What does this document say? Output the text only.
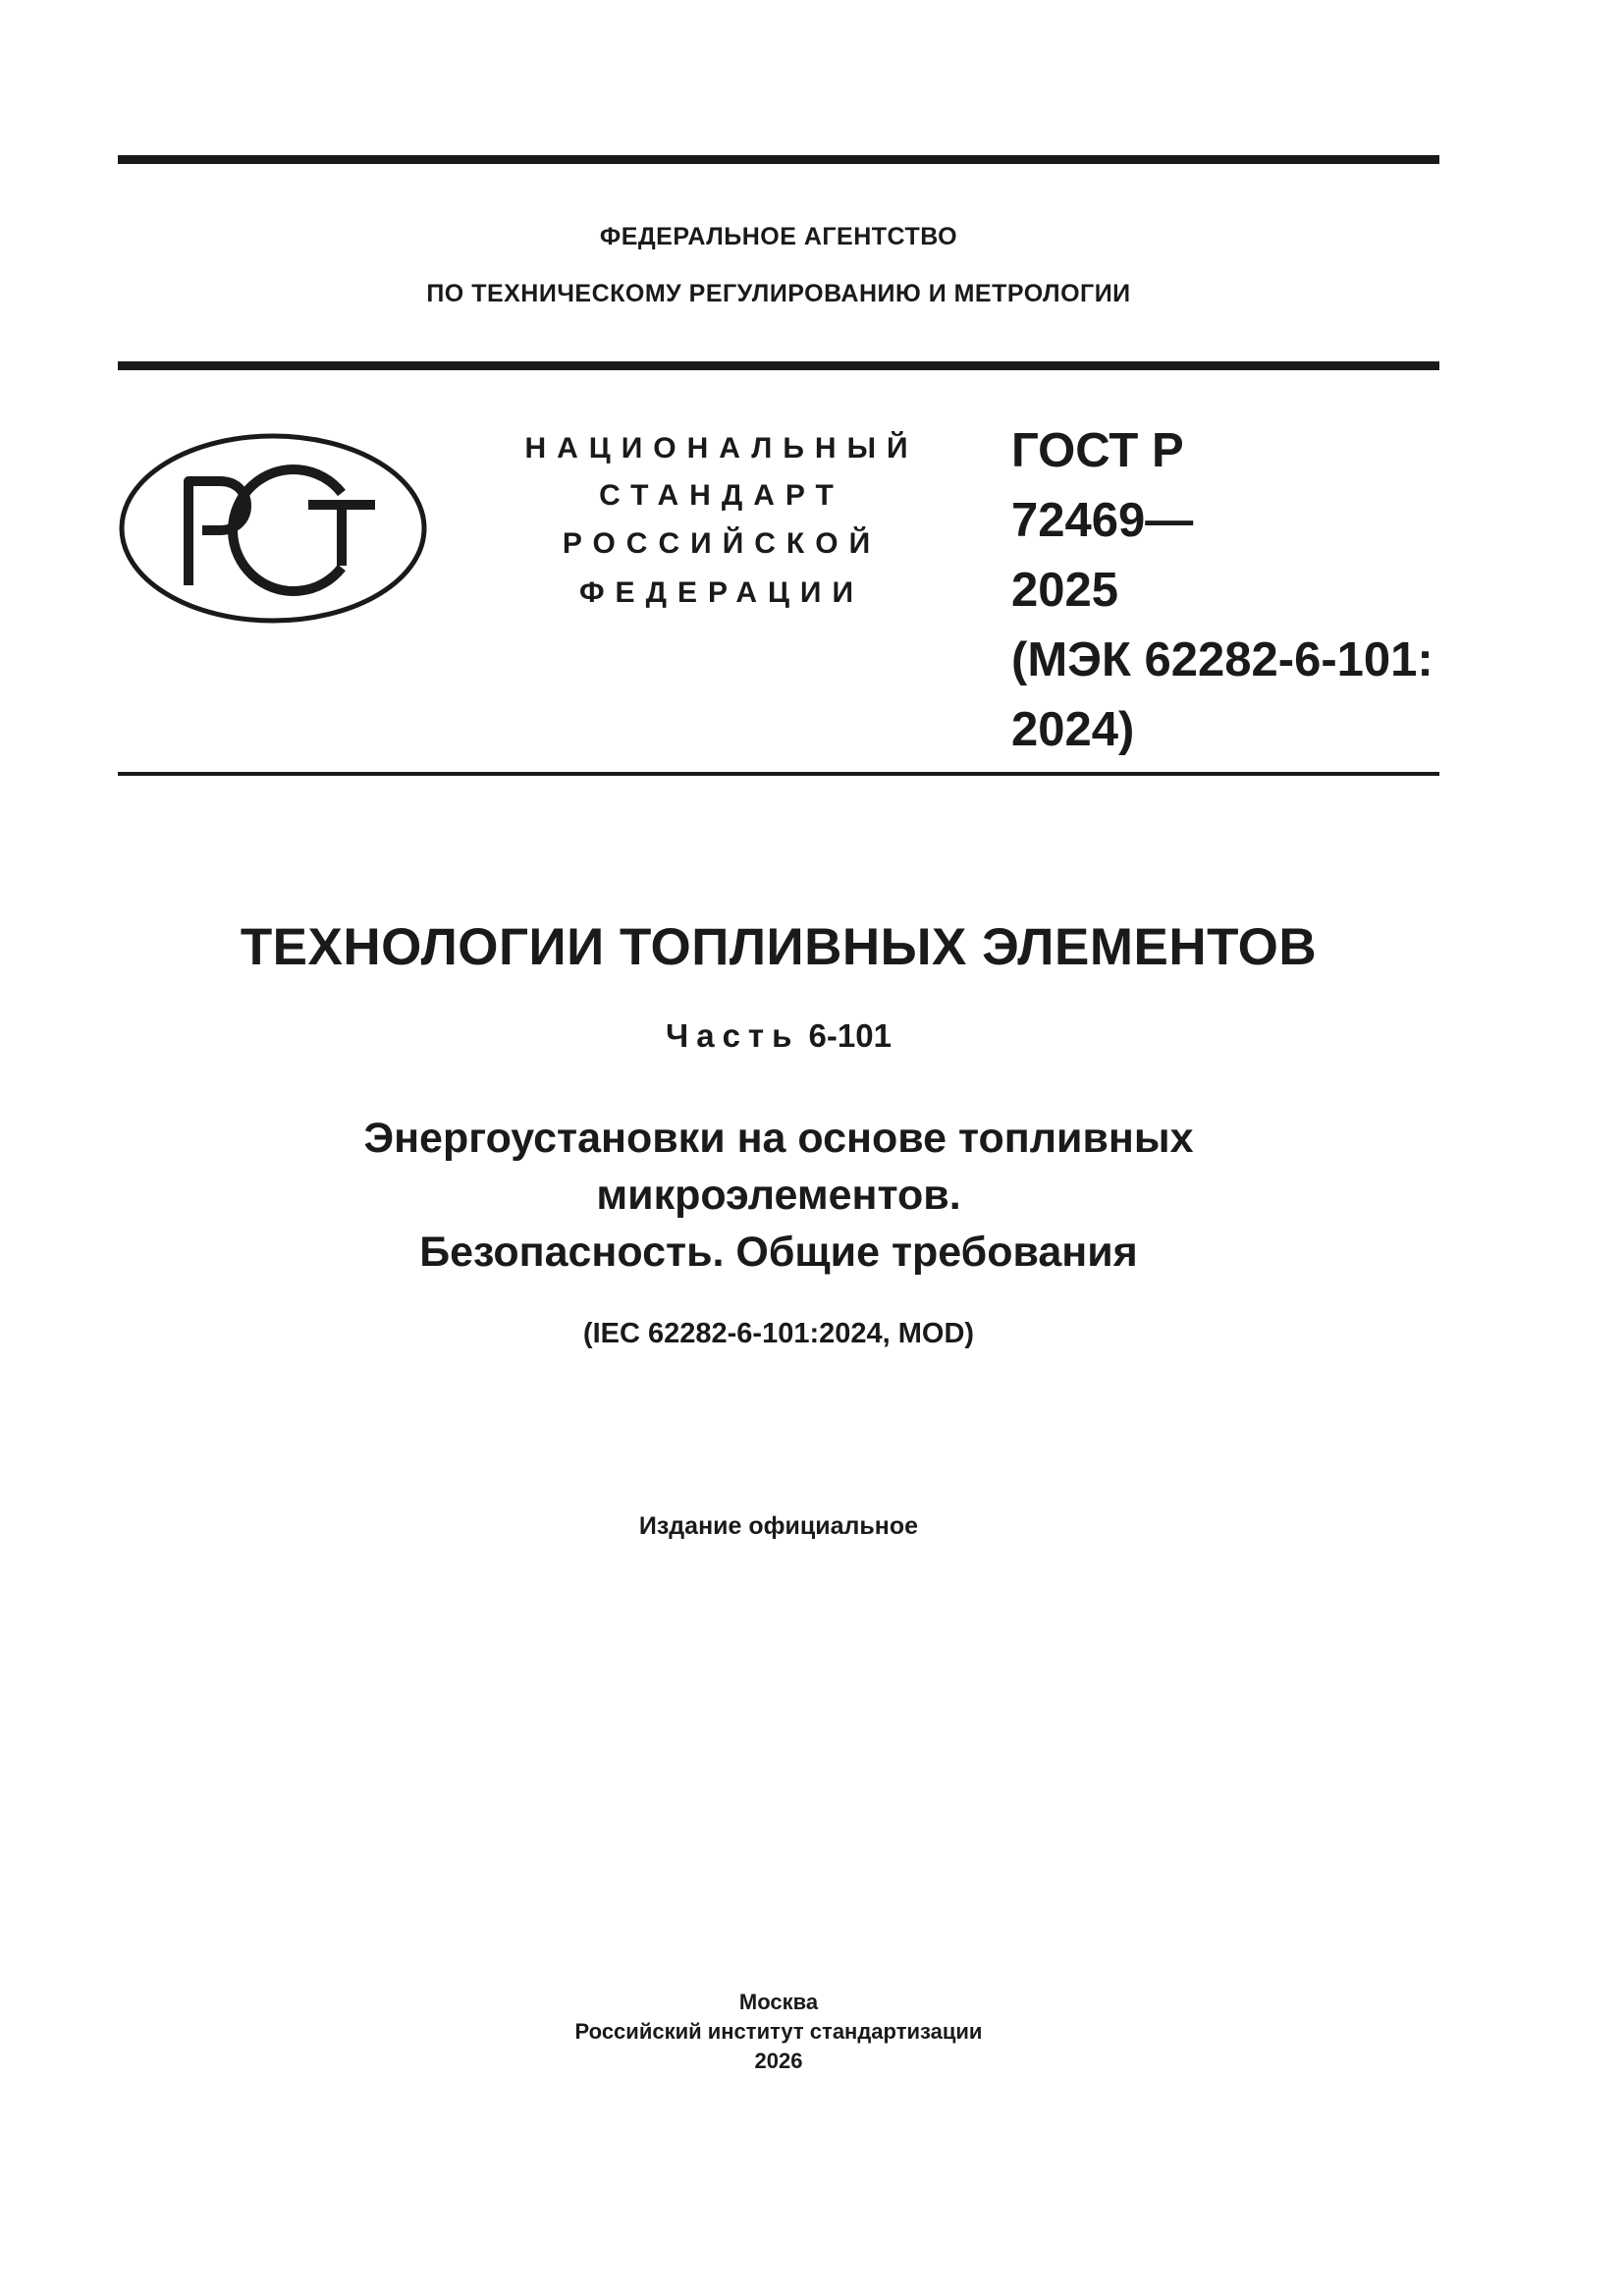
ФЕДЕРАЛЬНОЕ АГЕНТСТВО
ПО ТЕХНИЧЕСКОМУ РЕГУЛИРОВАНИЮ И МЕТРОЛОГИИ
НАЦИОНАЛЬНЫЙ
СТАНДАРТ
РОССИЙСКОЙ
ФЕДЕРАЦИИ
ГОСТ Р
72469—
2025
(МЭК 62282-6-101:
2024)
ТЕХНОЛОГИИ ТОПЛИВНЫХ ЭЛЕМЕНТОВ
Часть 6-101
Энергоустановки на основе топливных
микроэлементов.
Безопасность. Общие требования
(IEC 62282-6-101:2024, MOD)
Издание официальное
Москва
Российский институт стандартизации
2026
